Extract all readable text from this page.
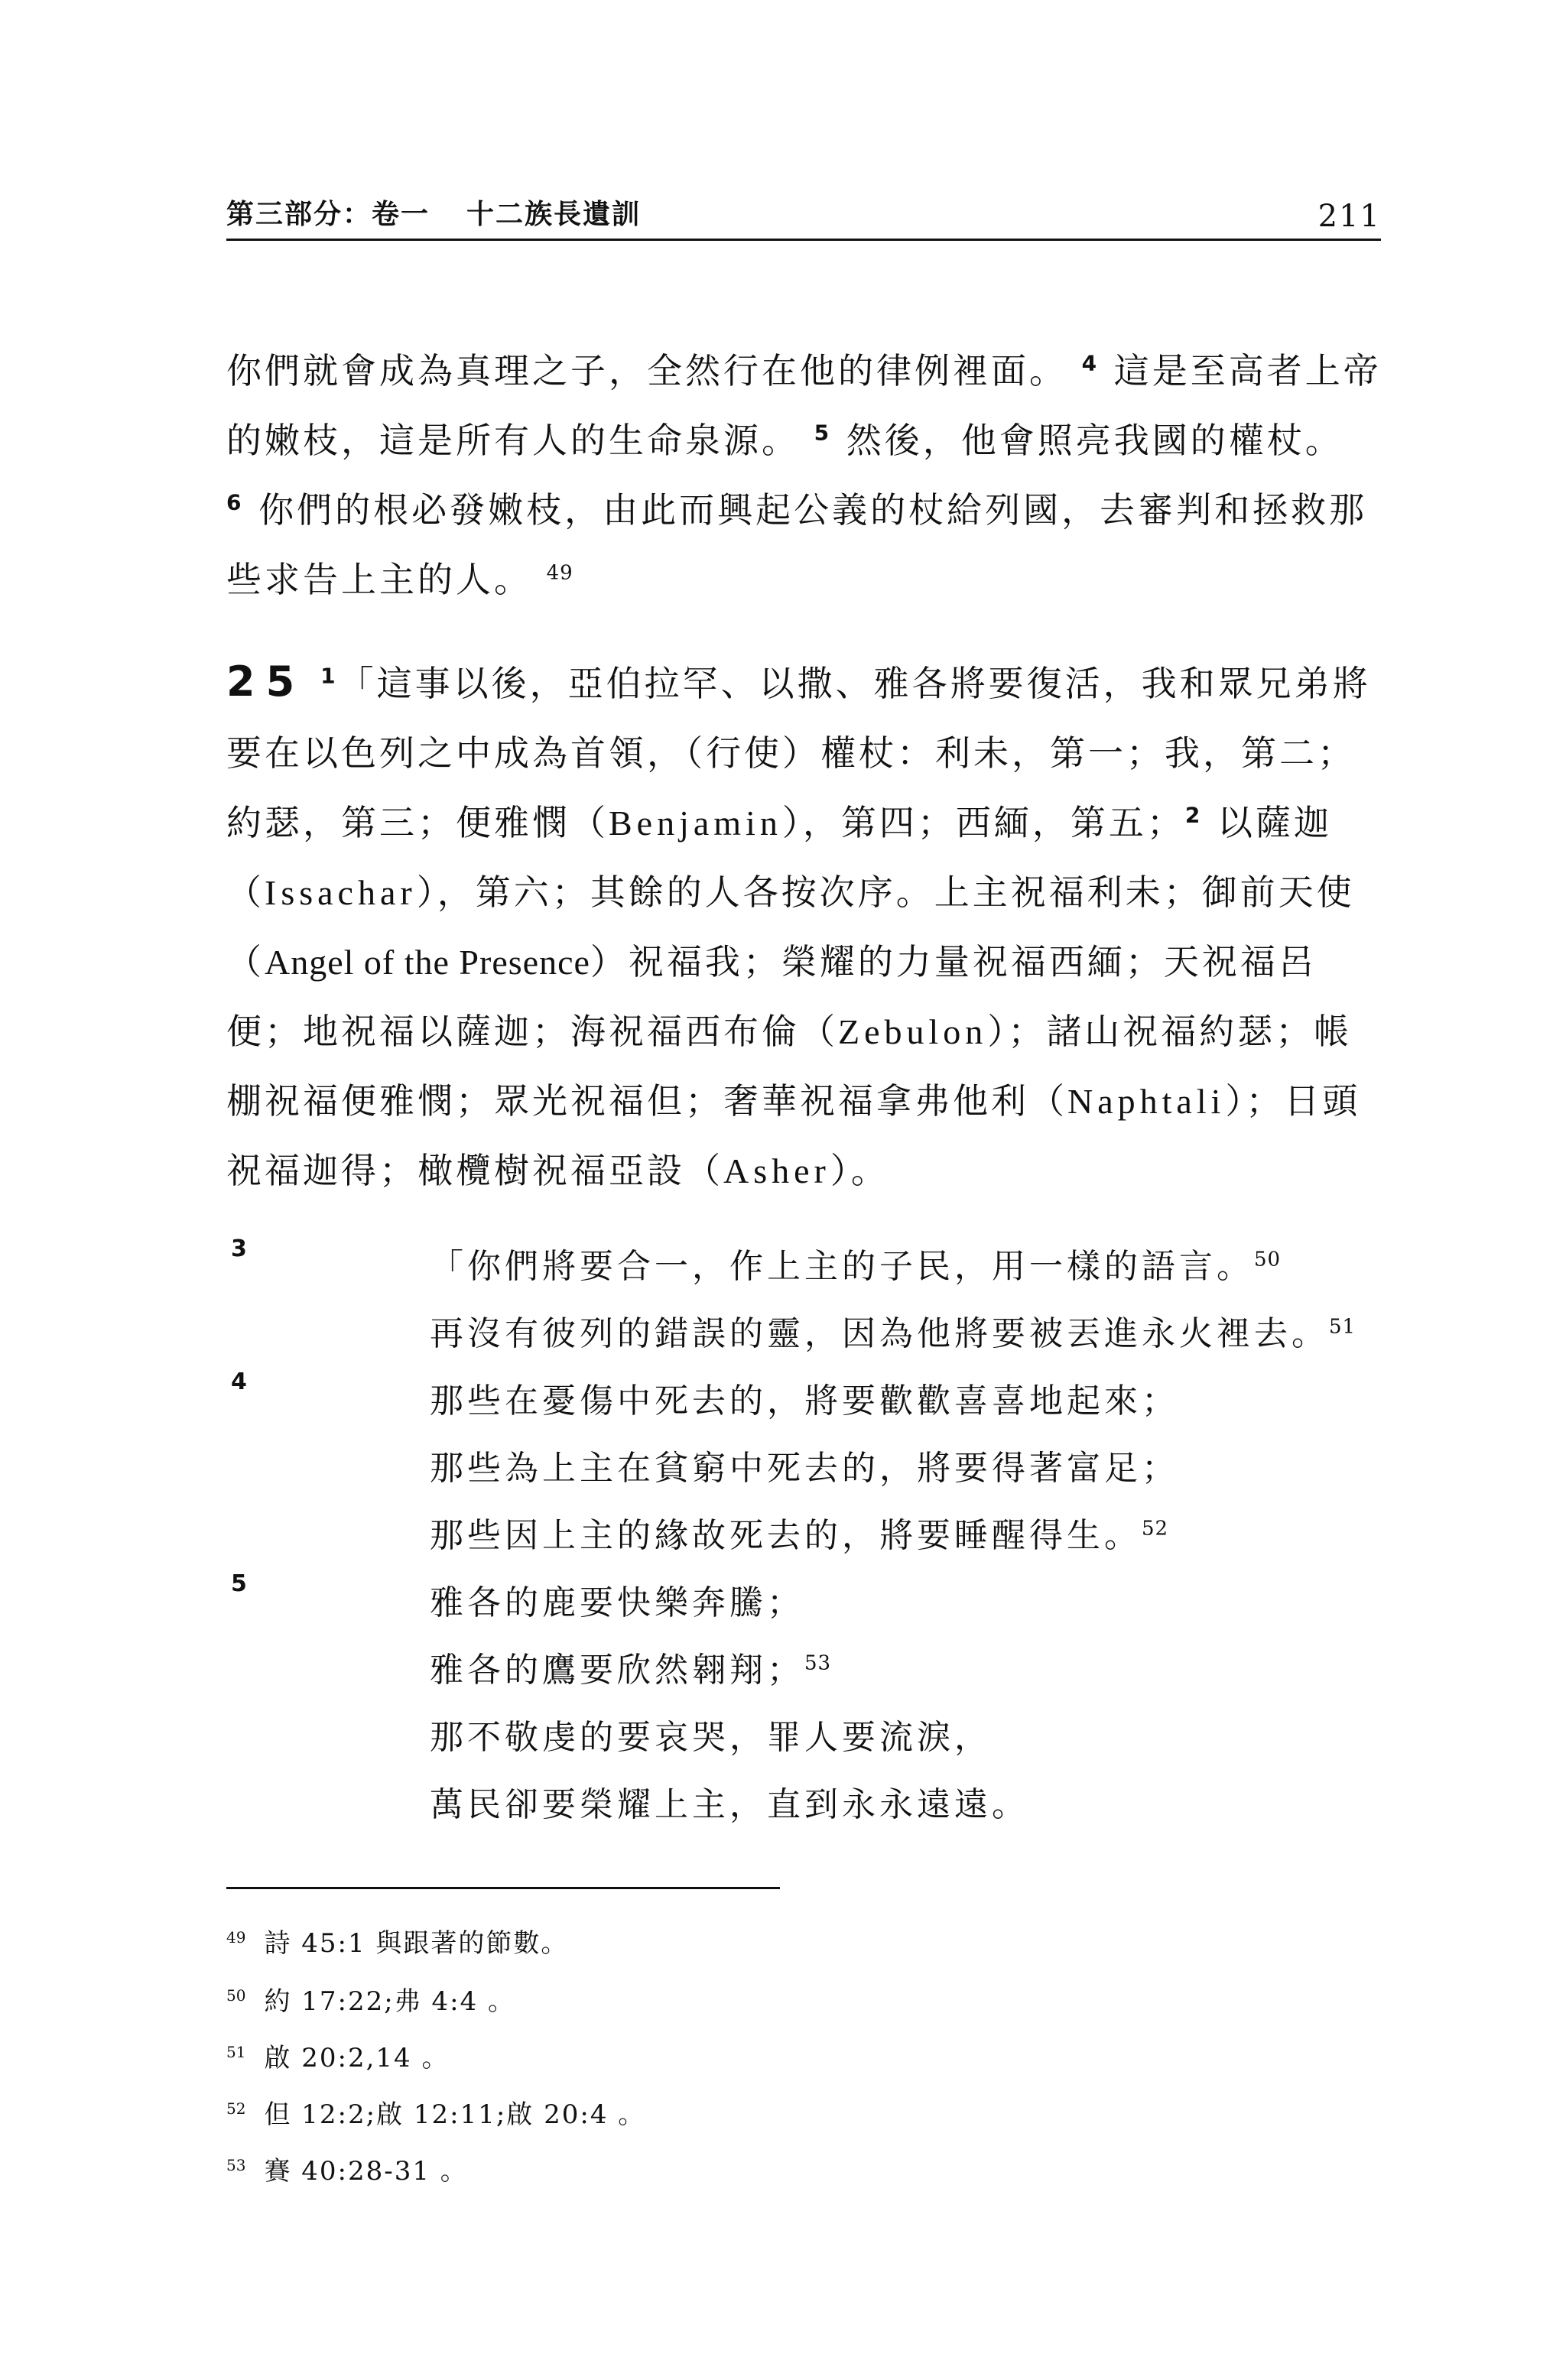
第三部分：卷一 十二族長遺訓	211
你們就會成為真理之子，全然行在他的律例裡面。 $^4$ 這是至高者上帝的嫩枝，這是所有人的生命泉源。 $^5$ 然後，他會照亮我國的權杖。
$^6$ 你們的根必發嫩枝，由此而興起公義的杖給列國，去審判和拯救那些求告上主的人。 $^{49}$
25 $^1$「這事以後，亞伯拉罕、以撒、雅各將要復活，我和眾兄弟將要在以色列之中成為首領，（行使）權杖：利未，第一；我，第二；約瑟，第三；便雅憫（Benjamin），第四；西緬，第五；$^2$ 以薩迦（Issachar），第六；其餘的人各按次序。上主祝福利未；御前天使（Angel of the Presence）祝福我；榮耀的力量祝福西緬；天祝福呂便；地祝福以薩迦；海祝福西布倫（Zebulon）；諸山祝福約瑟；帳棚祝福便雅憫；眾光祝福但；奢華祝福拿弗他利（Naphtali）；日頭祝福迦得；橄欖樹祝福亞設（Asher）。
3
4
5
「你們將要合一，作上主的子民，用一樣的語言。$^{50}$
再沒有彼列的錯誤的靈，因為他將要被丟進永火裡去。$^{51}$
那些在憂傷中死去的，將要歡歡喜喜地起來；
那些為上主在貧窮中死去的，將要得著富足；
那些因上主的緣故死去的，將要睡醒得生。$^{52}$
雅各的鹿要快樂奔騰；
雅各的鷹要欣然翱翔；$^{53}$
那不敬虔的要哀哭，罪人要流淚，
萬民卻要榮耀上主，直到永永遠遠。
$^{49}$ 詩 45:1 與跟著的節數。
$^{50}$ 約 17:22;弗 4:4 。
$^{51}$ 啟 20:2,14 。
$^{52}$ 但 12:2;啟 12:11;啟 20:4 。
$^{53}$ 賽 40:28-31 。
